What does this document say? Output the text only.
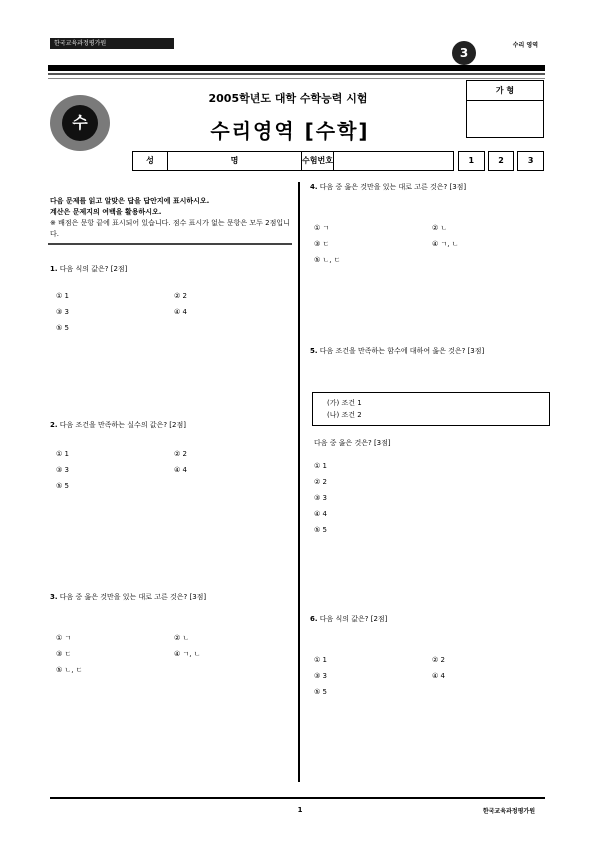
한국교육과정평가원	수리 영역
3
수
2005학년도 대학 수학능력 시험
수리영역 [수학]
가 형
성	명	수험번호	1	2	3
다음 문제를 읽고 알맞은 답을 답안지에 표시하시오.
계산은 문제지의 여백을 활용하시오.
※ 배점은 문항 끝에 표시되어 있습니다. 점수 표시가 없는 문항은 모두 2점입니다.
1. 다음 식의 값은? [2점]
① 1	② 2
③ 3	④ 4
⑤ 5
2. 다음 조건을 만족하는 실수의 값은? [2점]
① 1	② 2
③ 3	④ 4
⑤ 5
3. 다음 중 옳은 것만을 있는 대로 고른 것은? [3점]
① ㄱ	② ㄴ
③ ㄷ	④ ㄱ, ㄴ
⑤ ㄴ, ㄷ
4. 다음 중 옳은 것만을 있는 대로 고른 것은? [3점]
① ㄱ	② ㄴ
③ ㄷ	④ ㄱ, ㄴ
⑤ ㄴ, ㄷ
5. 다음 조건을 만족하는 함수에 대하여 옳은 것은? [3점]
(가) 조건 1
(나) 조건 2
다음 중 옳은 것은? [3점]
① 1
② 2
③ 3
④ 4
⑤ 5
6. 다음 식의 값은? [2점]
① 1	② 2
③ 3	④ 4
⑤ 5
1	한국교육과정평가원
